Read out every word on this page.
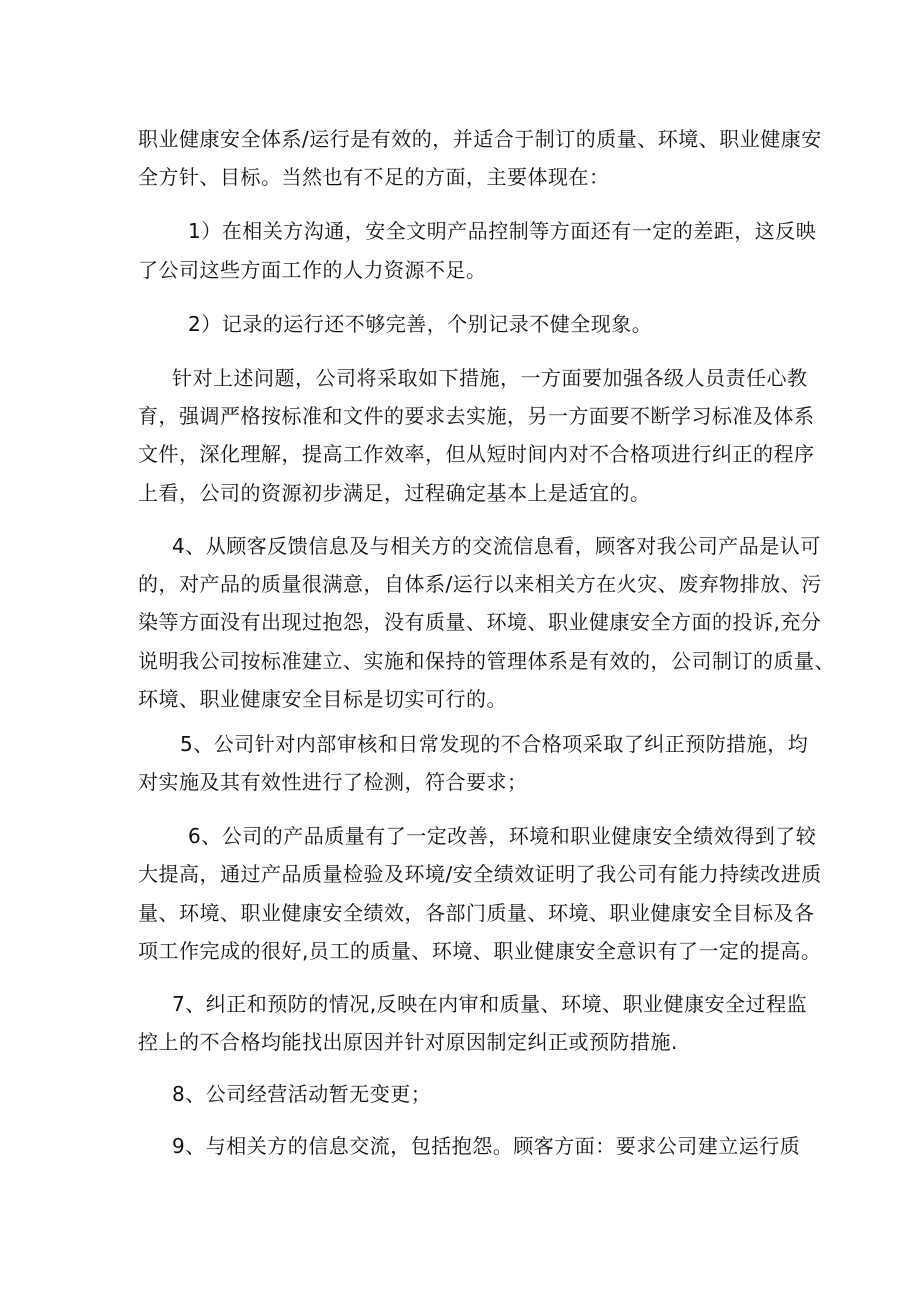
职业健康安全体系/运行是有效的，并适合于制订的质量、环境、职业健康安
全方针、目标。当然也有不足的方面，主要体现在：
1）在相关方沟通，安全文明产品控制等方面还有一定的差距，这反映
了公司这些方面工作的人力资源不足。
2）记录的运行还不够完善，个别记录不健全现象。
针对上述问题，公司将采取如下措施，一方面要加强各级人员责任心教
育，强调严格按标准和文件的要求去实施，另一方面要不断学习标准及体系
文件，深化理解，提高工作效率，但从短时间内对不合格项进行纠正的程序
上看，公司的资源初步满足，过程确定基本上是适宜的。
4、从顾客反馈信息及与相关方的交流信息看，顾客对我公司产品是认可
的，对产品的质量很满意，自体系/运行以来相关方在火灾、废弃物排放、污
染等方面没有出现过抱怨，没有质量、环境、职业健康安全方面的投诉,充分
说明我公司按标准建立、实施和保持的管理体系是有效的，公司制订的质量、
环境、职业健康安全目标是切实可行的。
5、公司针对内部审核和日常发现的不合格项采取了纠正预防措施，均
对实施及其有效性进行了检测，符合要求；
6、公司的产品质量有了一定改善，环境和职业健康安全绩效得到了较
大提高，通过产品质量检验及环境/安全绩效证明了我公司有能力持续改进质
量、环境、职业健康安全绩效，各部门质量、环境、职业健康安全目标及各
项工作完成的很好,员工的质量、环境、职业健康安全意识有了一定的提高。
7、纠正和预防的情况,反映在内审和质量、环境、职业健康安全过程监
控上的不合格均能找出原因并针对原因制定纠正或预防措施.
8、公司经营活动暂无变更；
9、与相关方的信息交流，包括抱怨。顾客方面：要求公司建立运行质
